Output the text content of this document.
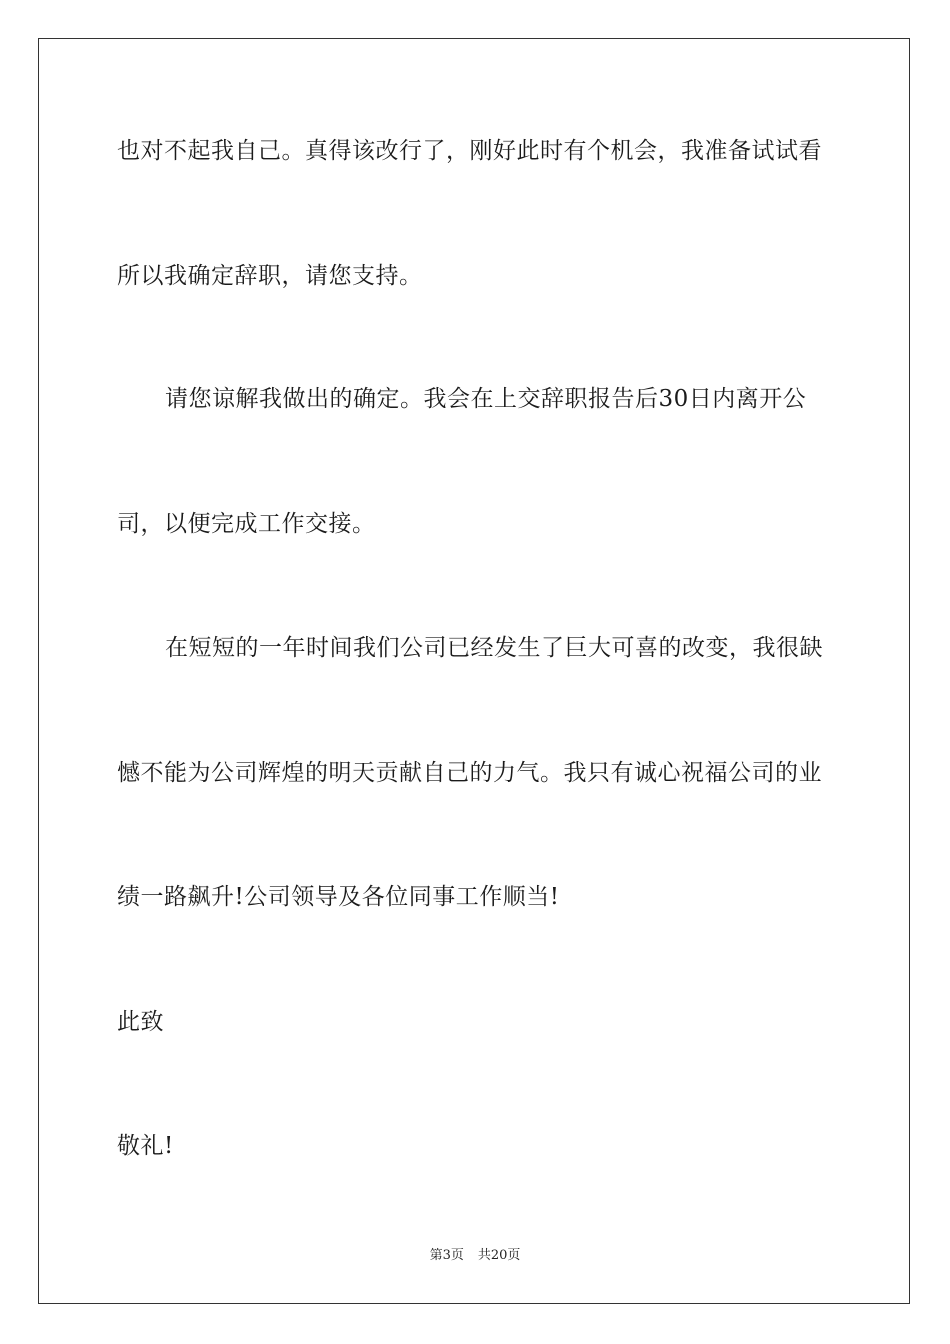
也对不起我自己。真得该改行了，刚好此时有个机会，我准备试试看
所以我确定辞职，请您支持。
请您谅解我做出的确定。我会在上交辞职报告后30日内离开公
司，以便完成工作交接。
在短短的一年时间我们公司已经发生了巨大可喜的改变，我很缺
憾不能为公司辉煌的明天贡献自己的力气。我只有诚心祝福公司的业
绩一路飙升!公司领导及各位同事工作顺当!
此致
敬礼!
第3页 共20页
